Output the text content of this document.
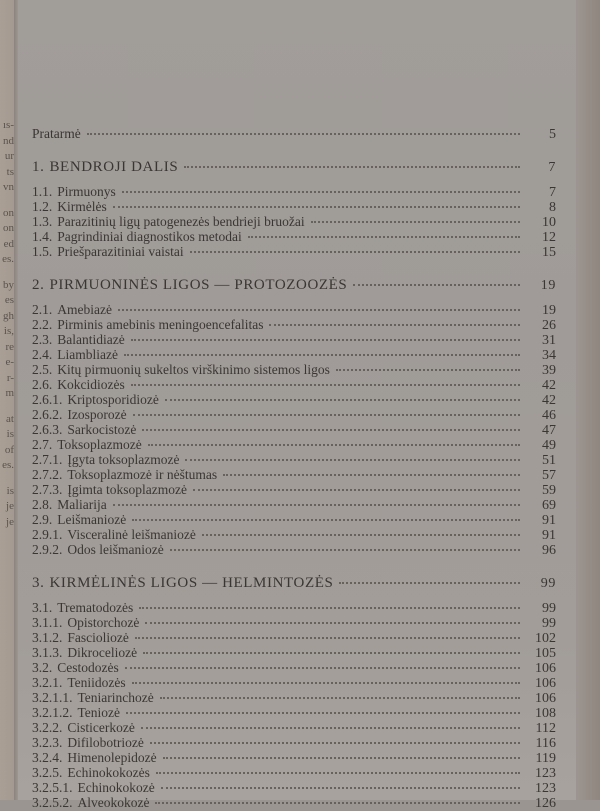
ıs-
nd
ur
ts
vn
on
on
ed
es.
by
es
gh
is,
re
e-
r-
m
at
is
of
es.
is
je
je
Pratarmė	5
1. BENDROJI DALIS	7
1.1. Pirmuonys	7
1.2. Kirmėlės	8
1.3. Parazitinių ligų patogenezės bendrieji bruožai	10
1.4. Pagrindiniai diagnostikos metodai	12
1.5. Priešparazitiniai vaistai	15
2. PIRMUONINĖS LIGOS — PROTOZOOZĖS	19
2.1. Amebiazė	19
2.2. Pirminis amebinis meningoencefalitas	26
2.3. Balantidiazė	31
2.4. Liambliazė	34
2.5. Kitų pirmuonių sukeltos virškinimo sistemos ligos	39
2.6. Kokcidiozės	42
2.6.1. Kriptosporidiozė	42
2.6.2. Izosporozė	46
2.6.3. Sarkocistozė	47
2.7. Toksoplazmozė	49
2.7.1. Įgyta toksoplazmozė	51
2.7.2. Toksoplazmozė ir nėštumas	57
2.7.3. Įgimta toksoplazmozė	59
2.8. Maliarija	69
2.9. Leišmaniozė	91
2.9.1. Visceralinė leišmaniozė	91
2.9.2. Odos leišmaniozė	96
3. KIRMĖLINĖS LIGOS — HELMINTOZĖS	99
3.1. Trematodozės	99
3.1.1. Opistorchozė	99
3.1.2. Fascioliozė	102
3.1.3. Dikroceliozė	105
3.2. Cestodozės	106
3.2.1. Teniidozės	106
3.2.1.1. Teniarinchozė	106
3.2.1.2. Teniozė	108
3.2.2. Cisticerkozė	112
3.2.3. Difilobotriozė	116
3.2.4. Himenolepidozė	119
3.2.5. Echinokokozės	123
3.2.5.1. Echinokokozė	123
3.2.5.2. Alveokokozė	126
